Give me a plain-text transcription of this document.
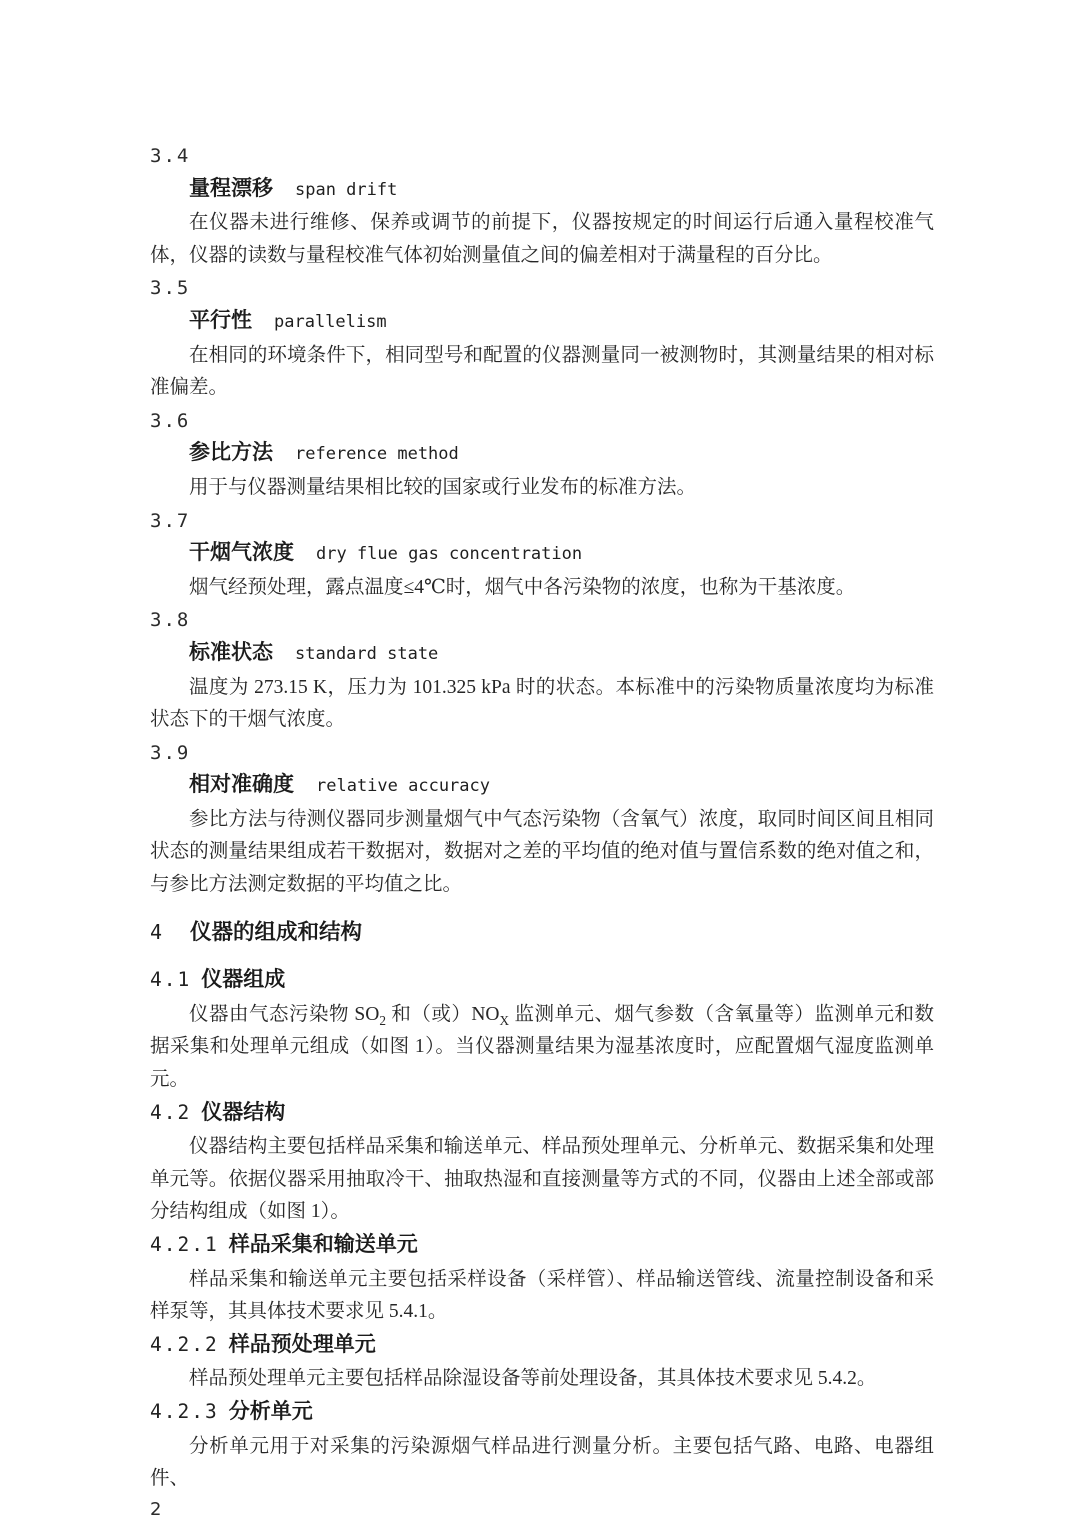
3.4
量程漂移 span drift

在仪器未进行维修、保养或调节的前提下，仪器按规定的时间运行后通入量程校准气体，仪器的读数与量程校准气体初始测量值之间的偏差相对于满量程的百分比。

3.5
平行性 parallelism

在相同的环境条件下，相同型号和配置的仪器测量同一被测物时，其测量结果的相对标准偏差。

3.6
参比方法 reference method

用于与仪器测量结果相比较的国家或行业发布的标准方法。

3.7
干烟气浓度 dry flue gas concentration

烟气经预处理，露点温度≤4℃时，烟气中各污染物的浓度，也称为干基浓度。

3.8
标准状态 standard state

温度为 273.15 K，压力为 101.325 kPa 时的状态。本标准中的污染物质量浓度均为标准状态下的干烟气浓度。

3.9
相对准确度 relative accuracy

参比方法与待测仪器同步测量烟气中气态污染物（含氧气）浓度，取同时间区间且相同状态的测量结果组成若干数据对，数据对之差的平均值的绝对值与置信系数的绝对值之和，与参比方法测定数据的平均值之比。

4 仪器的组成和结构
4.1 仪器组成

仪器由气态污染物 $SO_2$ 和（或）$NO_X$ 监测单元、烟气参数（含氧量等）监测单元和数据采集和处理单元组成（如图 1）。当仪器测量结果为湿基浓度时，应配置烟气湿度监测单元。

4.2 仪器结构

仪器结构主要包括样品采集和输送单元、样品预处理单元、分析单元、数据采集和处理单元等。依据仪器采用抽取冷干、抽取热湿和直接测量等方式的不同，仪器由上述全部或部分结构组成（如图 1）。

4.2.1 样品采集和输送单元

样品采集和输送单元主要包括采样设备（采样管）、样品输送管线、流量控制设备和采样泵等，其具体技术要求见 5.4.1。

4.2.2 样品预处理单元

样品预处理单元主要包括样品除湿设备等前处理设备，其具体技术要求见 5.4.2。

4.2.3 分析单元

分析单元用于对采集的污染源烟气样品进行测量分析。主要包括气路、电路、电器组件、

2
